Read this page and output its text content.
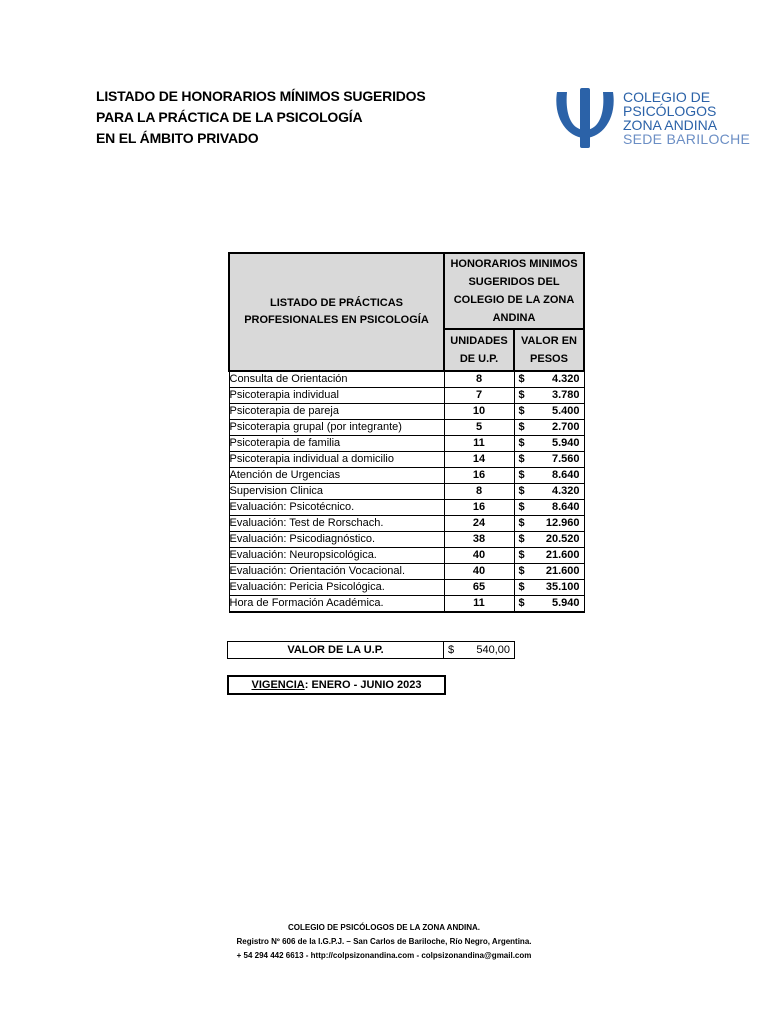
LISTADO DE HONORARIOS MÍNIMOS SUGERIDOS
PARA LA PRÁCTICA DE LA PSICOLOGÍA
EN EL ÁMBITO PRIVADO
COLEGIO DE
PSICÓLOGOS
ZONA ANDINA
SEDE BARILOCHE
LISTADO DE PRÁCTICAS PROFESIONALES EN PSICOLOGÍA	HONORARIOS MINIMOS SUGERIDOS DEL COLEGIO DE LA ZONA ANDINA	
	UNIDADES DE U.P.	VALOR EN PESOS
Consulta de Orientación	8	$ 4.320

Psicoterapia individual	7	$ 3.780

Psicoterapia de pareja	10	$ 5.400

Psicoterapia grupal (por integrante)	5	$ 2.700

Psicoterapia de familia	11	$ 5.940

Psicoterapia individual a domicilio	14	$ 7.560

Atención de Urgencias	16	$ 8.640

Supervision Clinica	8	$ 4.320

Evaluación: Psicotécnico.	16	$ 8.640

Evaluación: Test de Rorschach.	24	$ 12.960

Evaluación: Psicodiagnóstico.	38	$ 20.520

Evaluación: Neuropsicológica.	40	$ 21.600

Evaluación: Orientación Vocacional.	40	$ 21.600

Evaluación: Pericia Psicológica.	65	$ 35.100

Hora de Formación Académica.	11	$ 5.940
VALOR DE LA U.P.	$ 540,00
VIGENCIA: ENERO - JUNIO 2023
COLEGIO DE PSICÓLOGOS DE LA ZONA ANDINA.
Registro Nº 606 de la I.G.P.J. – San Carlos de Bariloche, Río Negro, Argentina.
+ 54 294 442 6613 - http://colpsizonandina.com - colpsizonandina@gmail.com
